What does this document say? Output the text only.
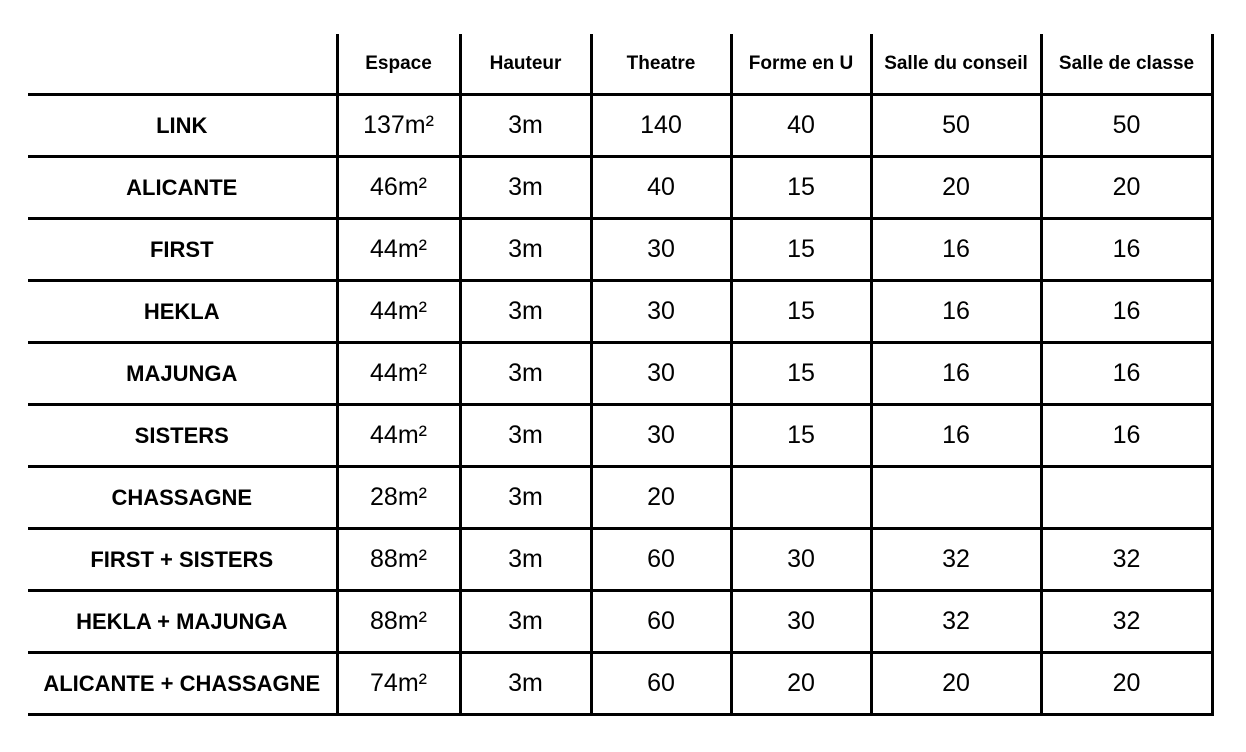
	Espace	Hauteur	Theatre	Forme en U	Salle du conseil	Salle de classe
LINK	137m²	3m	140	40	50	50
ALICANTE	46m²	3m	40	15	20	20
FIRST	44m²	3m	30	15	16	16
HEKLA	44m²	3m	30	15	16	16
MAJUNGA	44m²	3m	30	15	16	16
SISTERS	44m²	3m	30	15	16	16
CHASSAGNE	28m²	3m	20			
FIRST + SISTERS	88m²	3m	60	30	32	32
HEKLA + MAJUNGA	88m²	3m	60	30	32	32
ALICANTE + CHASSAGNE	74m²	3m	60	20	20	20
